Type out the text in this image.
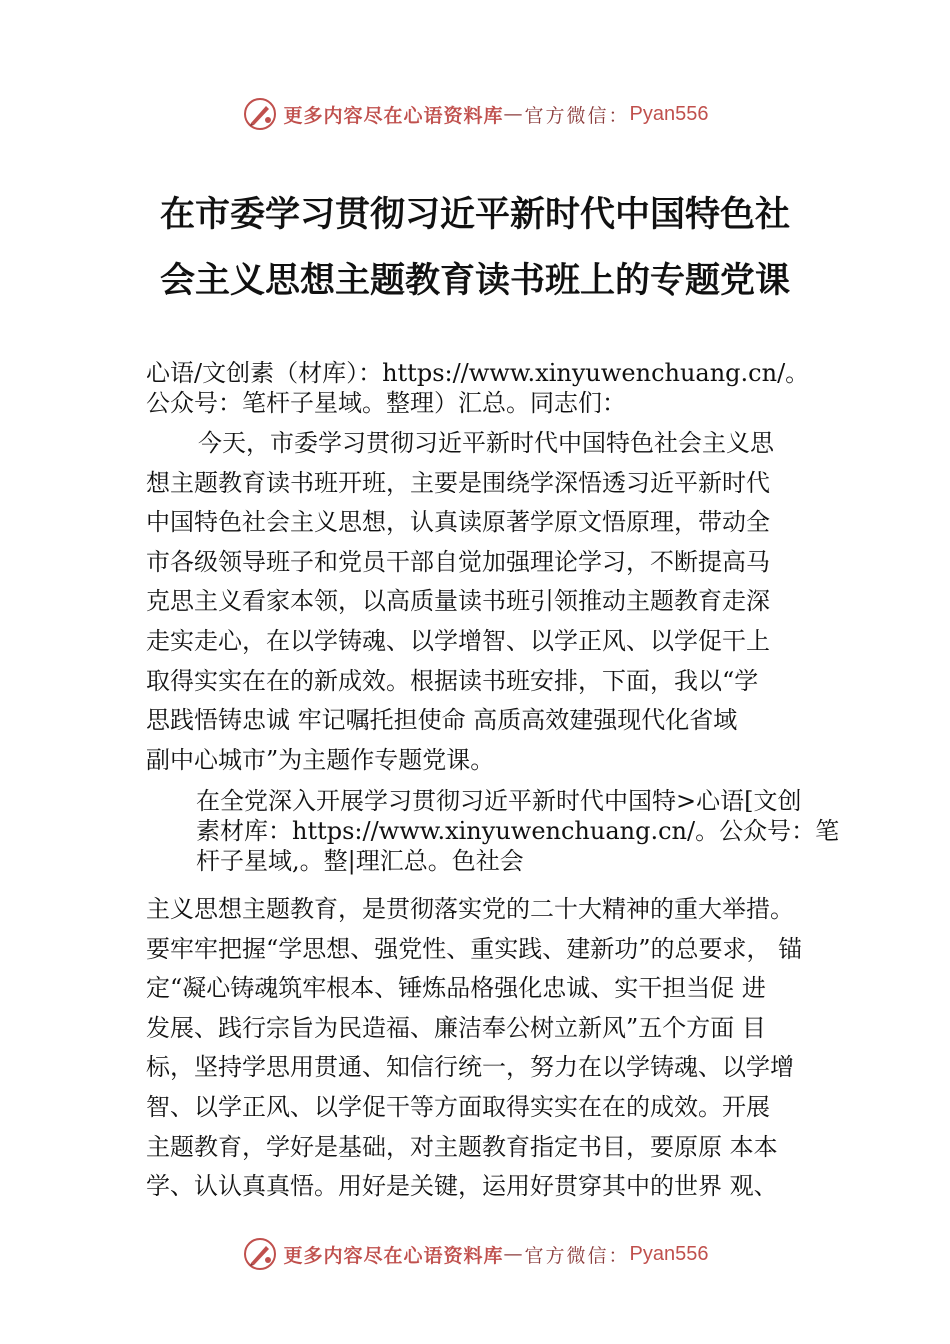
更多内容尽在心语资料库 — 官方微信： Pyan556
在市委学习贯彻习近平新时代中国特色社
会主义思想主题教育读书班上的专题党课
心语/文创素（材库）：https://www.xinyuwenchuang.cn/。
公众号：笔杆子星域。整理）汇总。同志们：
今天，市委学习贯彻习近平新时代中国特色社会主义思
想主题教育读书班开班，主要是围绕学深悟透习近平新时代
中国特色社会主义思想，认真读原著学原文悟原理，带动全
市各级领导班子和党员干部自觉加强理论学习，不断提高马
克思主义看家本领，以高质量读书班引领推动主题教育走深
走实走心，在以学铸魂、以学增智、以学正风、以学促干上
取得实实在在的新成效。根据读书班安排，下面，我以“学
思践悟铸忠诚 牢记嘱托担使命 高质高效建强现代化省域
副中心城市”为主题作专题党课。
在全党深入开展学习贯彻习近平新时代中国特>心语[文创
素材库：https://www.xinyuwenchuang.cn/。公众号：笔
杆子星域,。整|理汇总。色社会
主义思想主题教育，是贯彻落实党的二十大精神的重大举措。
要牢牢把握“学思想、强党性、重实践、建新功”的总要求， 锚
定“凝心铸魂筑牢根本、锤炼品格强化忠诚、实干担当促 进
发展、践行宗旨为民造福、廉洁奉公树立新风”五个方面 目
标，坚持学思用贯通、知信行统一，努力在以学铸魂、以学增
智、以学正风、以学促干等方面取得实实在在的成效。开展
主题教育，学好是基础，对主题教育指定书目，要原原 本本
学、认认真真悟。用好是关键，运用好贯穿其中的世界 观、
更多内容尽在心语资料库 — 官方微信： Pyan556
